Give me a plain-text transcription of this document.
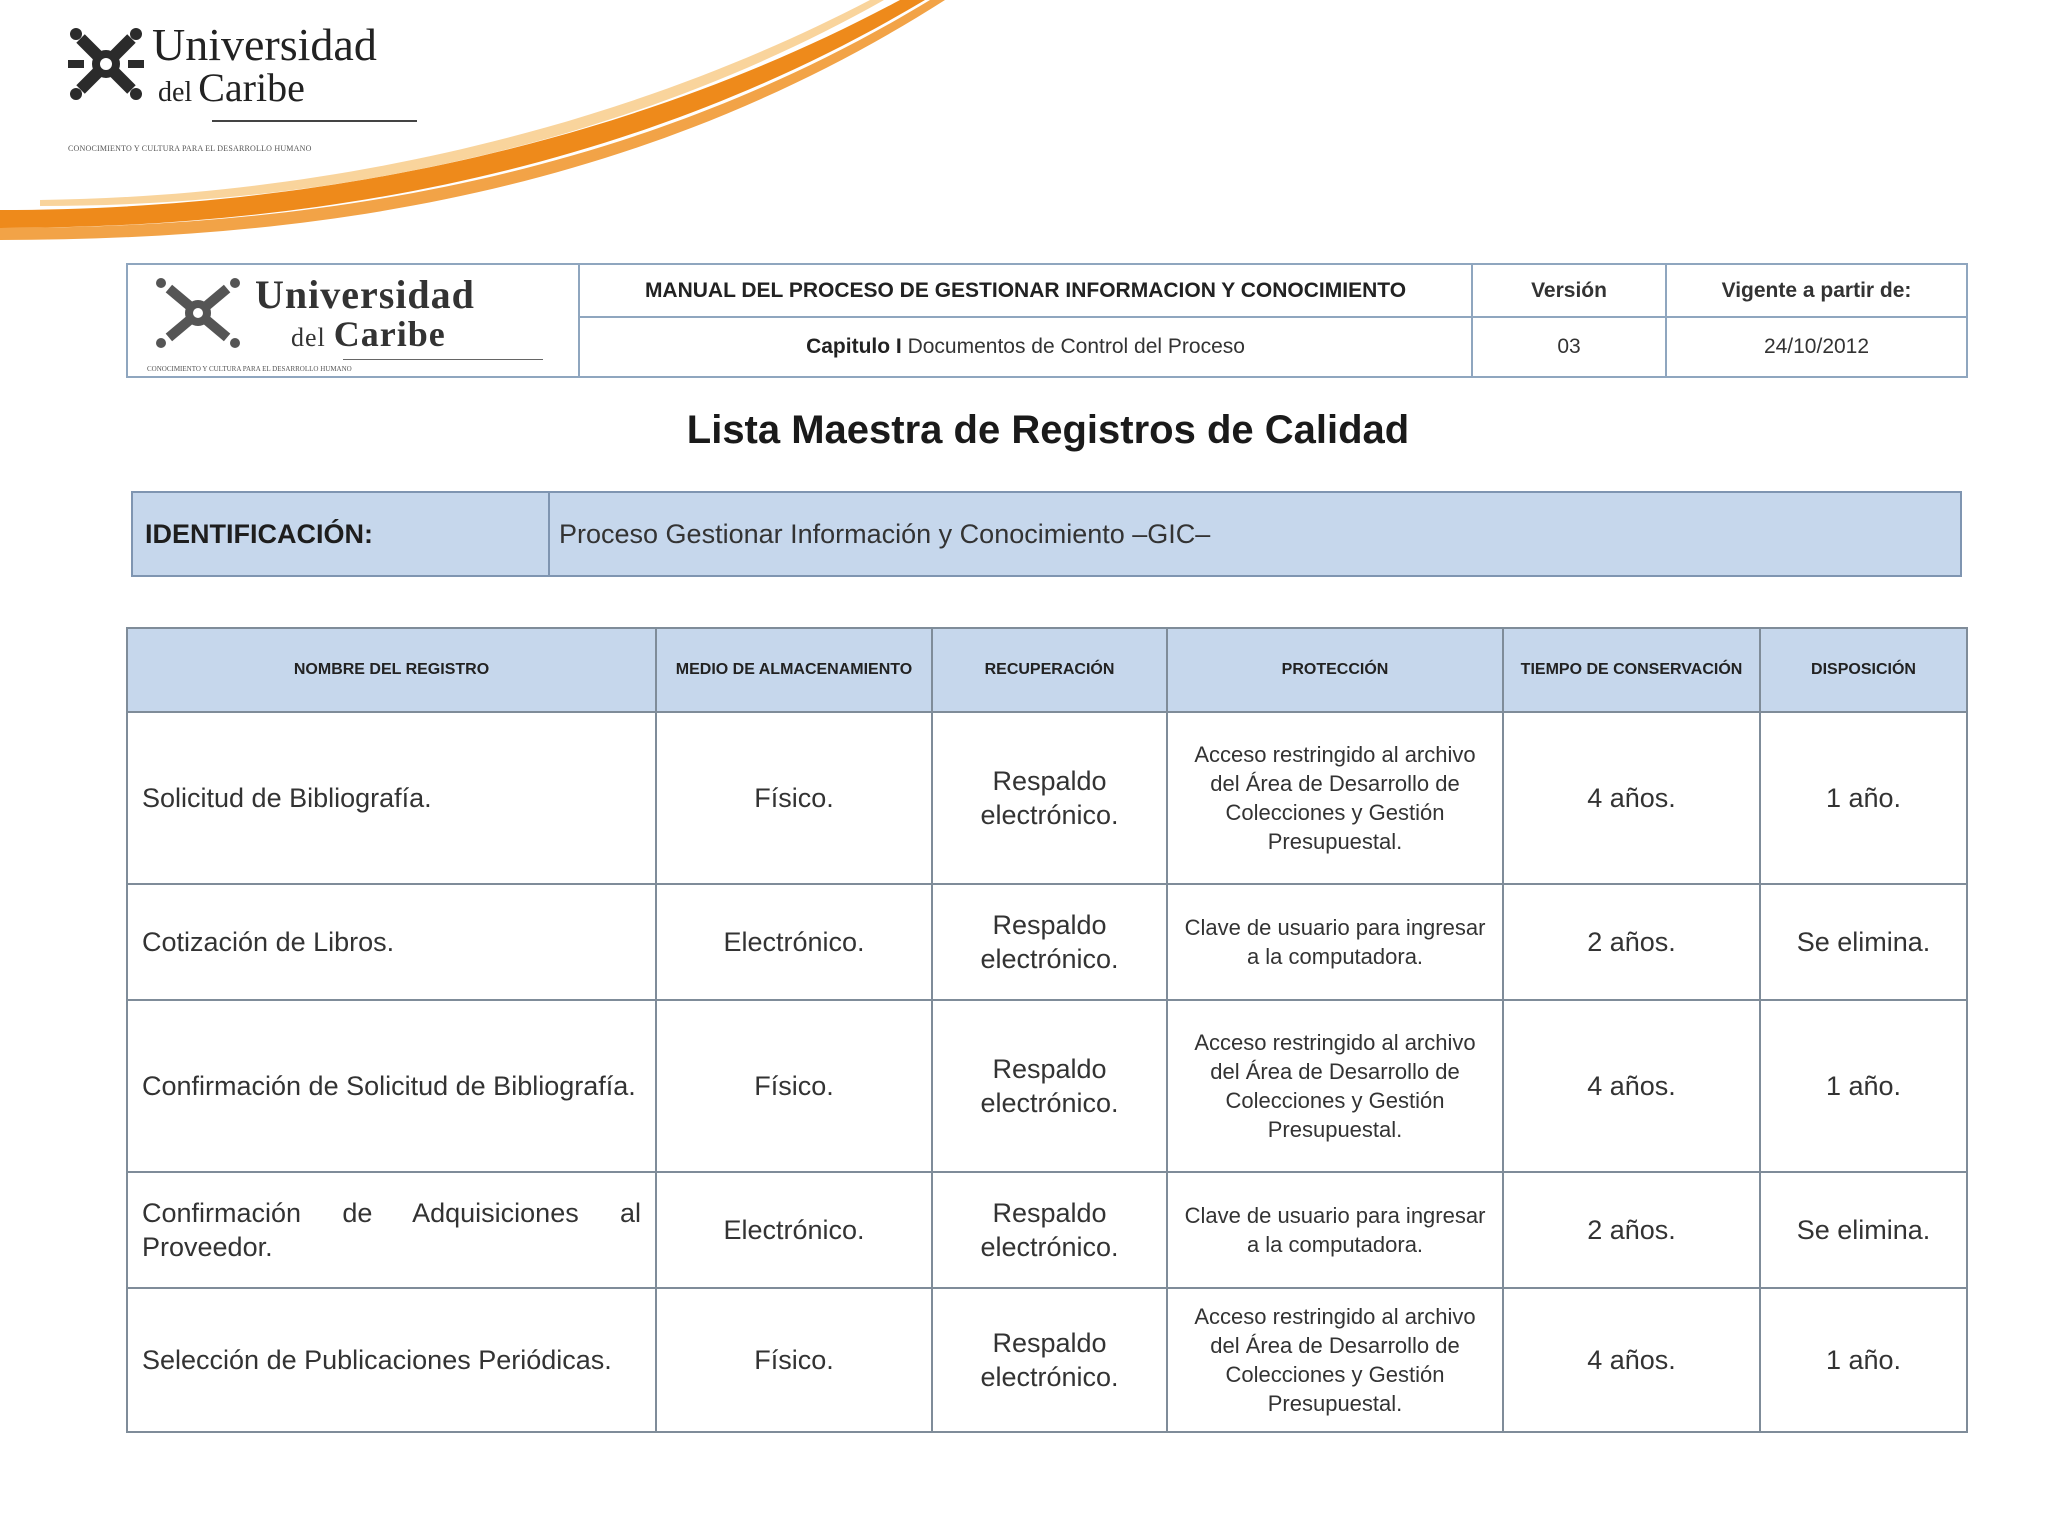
Universidad
del Caribe
CONOCIMIENTO Y CULTURA PARA EL DESARROLLO HUMANO
Universidad
del Caribe
CONOCIMIENTO Y CULTURA PARA EL DESARROLLO HUMANO	MANUAL DEL PROCESO DE GESTIONAR INFORMACION Y CONOCIMIENTO	Versión	Vigente a partir de:
	Capitulo I Documentos de Control del Proceso	03	24/10/2012
Lista Maestra de Registros de Calidad
IDENTIFICACIÓN:	Proceso Gestionar Información y Conocimiento –GIC–
NOMBRE DEL REGISTRO	MEDIO DE ALMACENAMIENTO	RECUPERACIÓN	PROTECCIÓN	TIEMPO DE CONSERVACIÓN	DISPOSICIÓN
Solicitud de Bibliografía.	Físico.	Respaldo electrónico.	Acceso restringido al archivo del Área de Desarrollo de Colecciones y Gestión Presupuestal.	4 años.	1 año.
Cotización de Libros.	Electrónico.	Respaldo electrónico.	Clave de usuario para ingresar a la computadora.	2 años.	Se elimina.
Confirmación de Solicitud de Bibliografía.	Físico.	Respaldo electrónico.	Acceso restringido al archivo del Área de Desarrollo de Colecciones y Gestión Presupuestal.	4 años.	1 año.
Confirmación de Adquisiciones al Proveedor.	Electrónico.	Respaldo electrónico.	Clave de usuario para ingresar a la computadora.	2 años.	Se elimina.
Selección de Publicaciones Periódicas.	Físico.	Respaldo electrónico.	Acceso restringido al archivo del Área de Desarrollo de Colecciones y Gestión Presupuestal.	4 años.	1 año.
